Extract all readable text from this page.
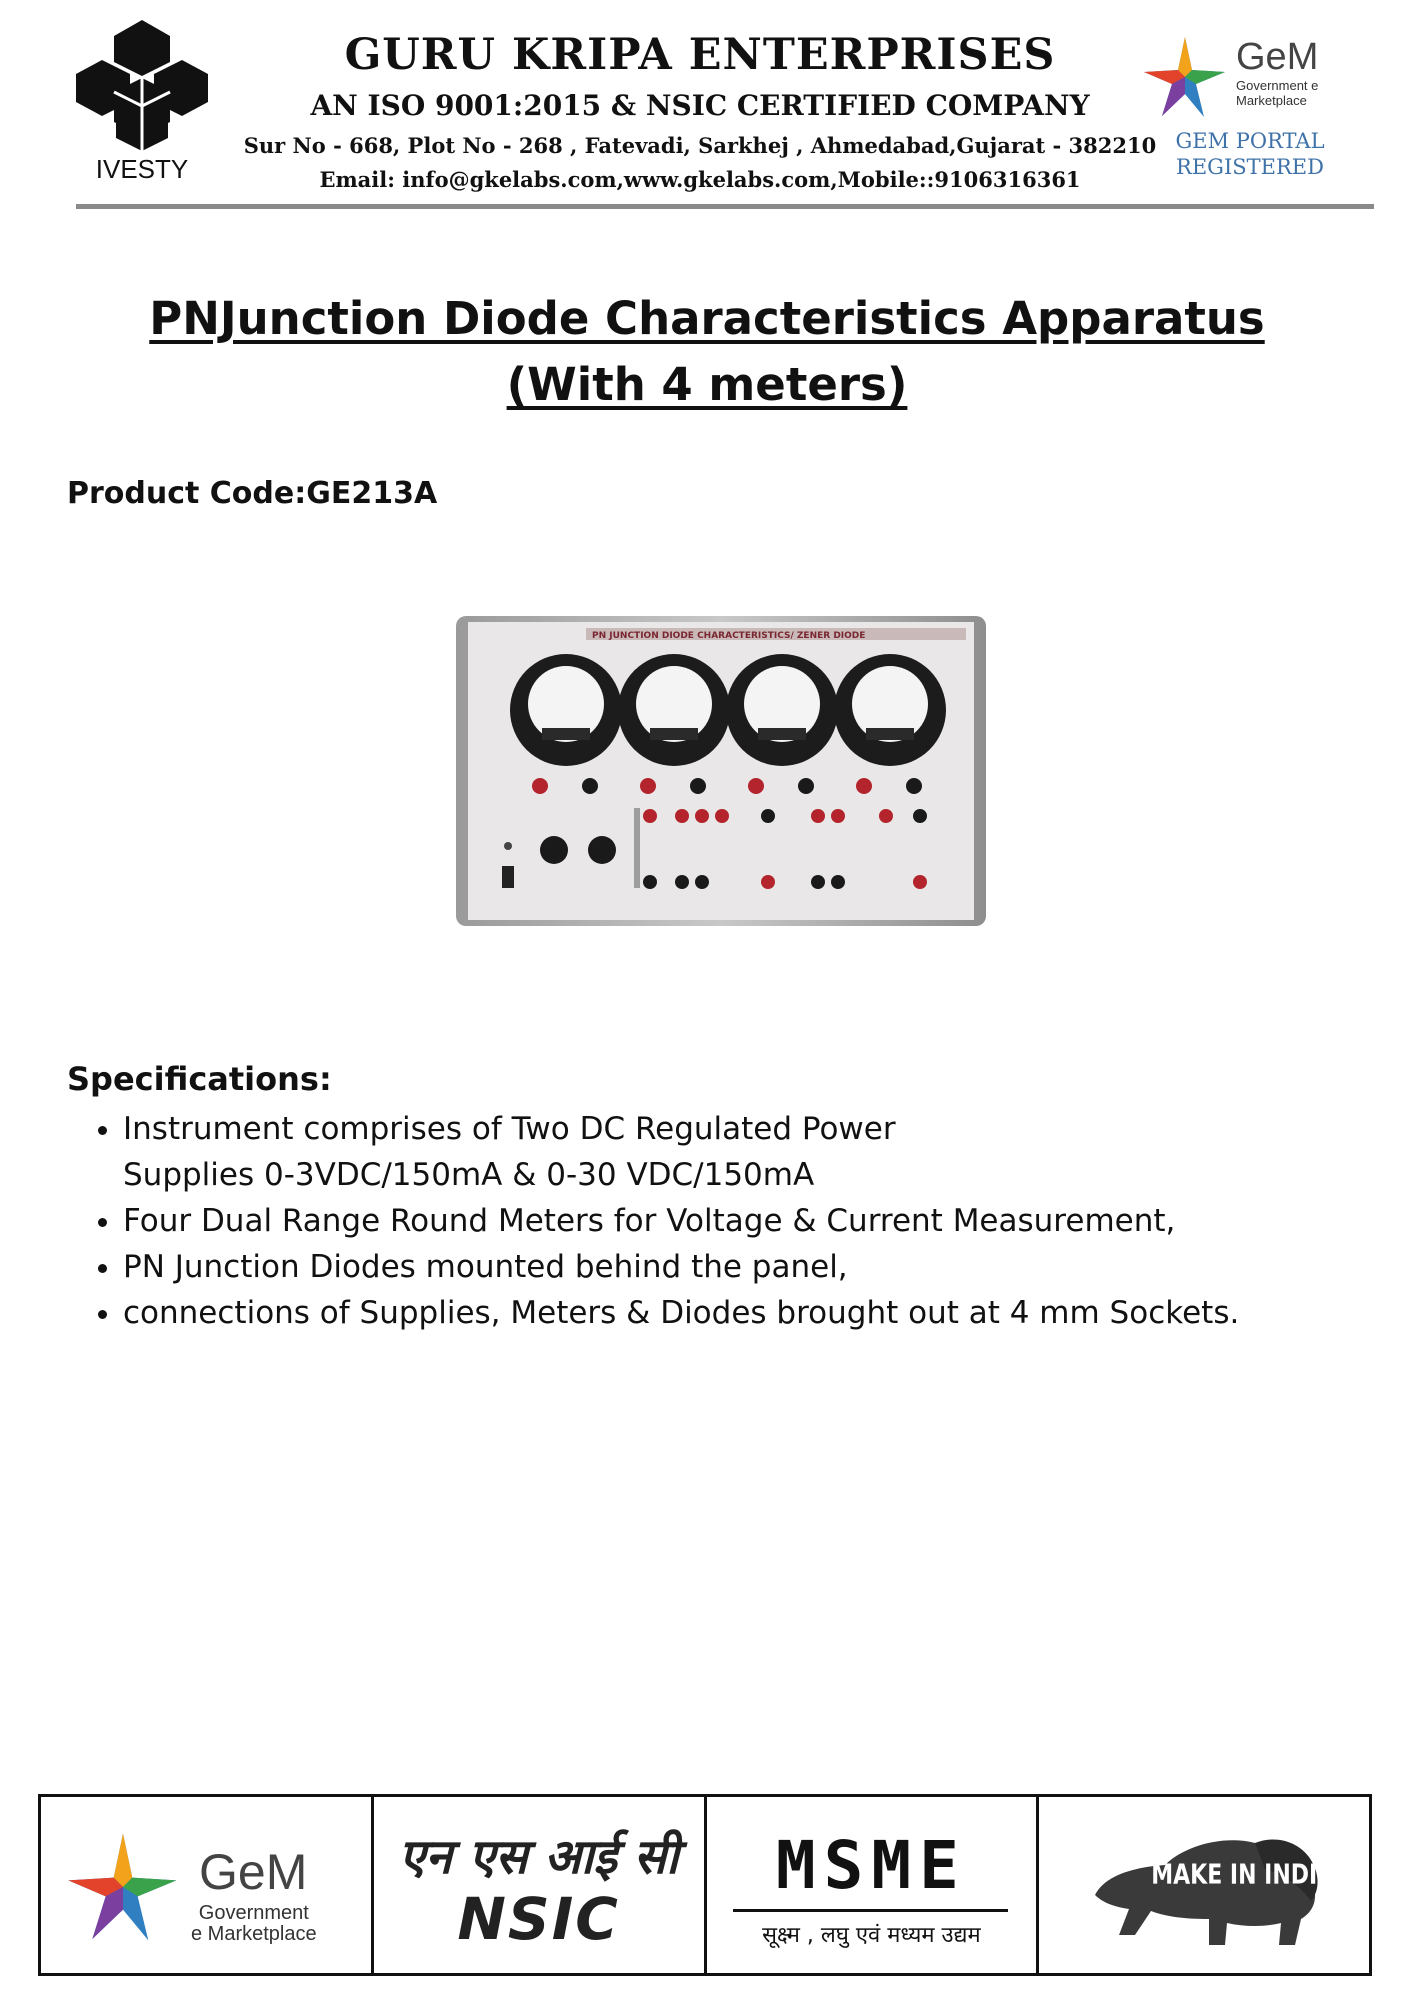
IVESTY
GURU KRIPA ENTERPRISES
AN ISO 9001:2015 & NSIC CERTIFIED COMPANY
Sur No - 668, Plot No - 268 , Fatevadi, Sarkhej , Ahmedabad,Gujarat - 382210
Email: info@gkelabs.com,www.gkelabs.com,Mobile::9106316361
GeM
Government e Marketplace
GEM PORTAL
REGISTERED
PNJunction Diode Characteristics Apparatus
(With 4 meters)
Product Code:GE213A
PN JUNCTION DIODE CHARACTERISTICS/ ZENER DIODE
Specifications:
• Instrument comprises of Two DC Regulated Power Supplies 0-3VDC/150mA & 0-30 VDC/150mA
• Four Dual Range Round Meters for Voltage & Current Measurement,
• PN Junction Diodes mounted behind the panel,
• connections of Supplies, Meters & Diodes brought out at 4 mm Sockets.
GeM
Government
e Marketplace
एन एस आई सी
NSIC
MSME
सूक्ष्म , लघु एवं मध्यम उद्यम
MAKE IN INDIA
